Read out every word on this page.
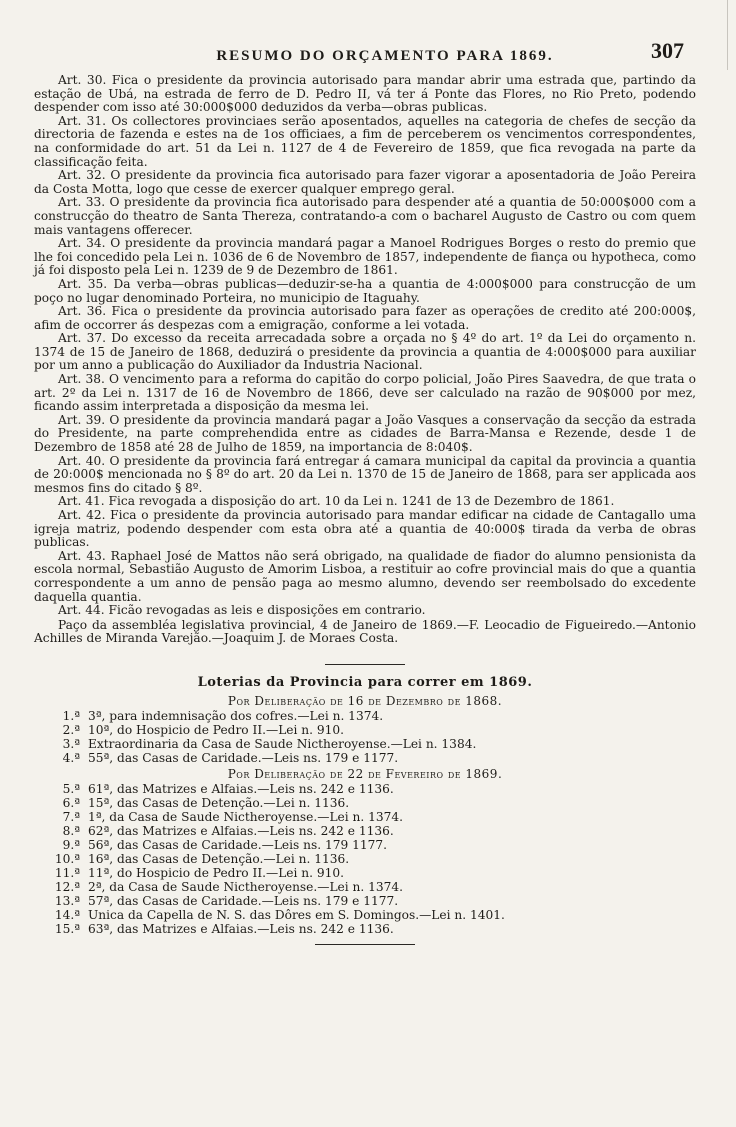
RESUMO DO ORÇAMENTO PARA 1869.	307

Art. 30. Fica o presidente da provincia autorisado para mandar abrir uma estrada que, partindo da estação de Ubá, na estrada de ferro de D. Pedro II, vá ter á Ponte das Flores, no Rio Preto, podendo despender com isso até 30:000$000 deduzidos da verba—obras publicas.

Art. 31. Os collectores provinciaes serão aposentados, aquelles na categoria de chefes de secção da directoria de fazenda e estes na de 1os officiaes, a fim de perceberem os vencimentos correspondentes, na conformidade do art. 51 da Lei n. 1127 de 4 de Fevereiro de 1859, que fica revogada na parte da classificação feita.

Art. 32. O presidente da provincia fica autorisado para fazer vigorar a aposentadoria de João Pereira da Costa Motta, logo que cesse de exercer qualquer emprego geral.

Art. 33. O presidente da provincia fica autorisado para despender até a quantia de 50:000$000 com a construcção do theatro de Santa Thereza, contratando-a com o bacharel Augusto de Castro ou com quem mais vantagens offerecer.

Art. 34. O presidente da provincia mandará pagar a Manoel Rodrigues Borges o resto do premio que lhe foi concedido pela Lei n. 1036 de 6 de Novembro de 1857, independente de fiança ou hypotheca, como já foi disposto pela Lei n. 1239 de 9 de Dezembro de 1861.

Art. 35. Da verba—obras publicas—deduzir-se-ha a quantia de 4:000$000 para construcção de um poço no lugar denominado Porteira, no municipio de Itaguahy.

Art. 36. Fica o presidente da provincia autorisado para fazer as operações de credito até 200:000$, afim de occorrer ás despezas com a emigração, conforme a lei votada.

Art. 37. Do excesso da receita arrecadada sobre a orçada no § 4º do art. 1º da Lei do orçamento n. 1374 de 15 de Janeiro de 1868, deduzirá o presidente da provincia a quantia de 4:000$000 para auxiliar por um anno a publicação do Auxiliador da Industria Nacional.

Art. 38. O vencimento para a reforma do capitão do corpo policial, João Pires Saavedra, de que trata o art. 2º da Lei n. 1317 de 16 de Novembro de 1866, deve ser calculado na razão de 90$000 por mez, ficando assim interpretada a disposição da mesma lei.

Art. 39. O presidente da provincia mandará pagar a João Vasques a conservação da secção da estrada do Presidente, na parte comprehendida entre as cidades de Barra-Mansa e Rezende, desde 1 de Dezembro de 1858 até 28 de Julho de 1859, na importancia de 8:040$.

Art. 40. O presidente da provincia fará entregar á camara municipal da capital da provincia a quantia de 20:000$ mencionada no § 8º do art. 20 da Lei n. 1370 de 15 de Janeiro de 1868, para ser applicada aos mesmos fins do citado § 8º.

Art. 41. Fica revogada a disposição do art. 10 da Lei n. 1241 de 13 de Dezembro de 1861.

Art. 42. Fica o presidente da provincia autorisado para mandar edificar na cidade de Cantagallo uma igreja matriz, podendo despender com esta obra até a quantia de 40:000$ tirada da verba de obras publicas.

Art. 43. Raphael José de Mattos não será obrigado, na qualidade de fiador do alumno pensionista da escola normal, Sebastião Augusto de Amorim Lisboa, a restituir ao cofre provincial mais do que a quantia correspondente a um anno de pensão paga ao mesmo alumno, devendo ser reembolsado do excedente daquella quantia.

Art. 44. Ficão revogadas as leis e disposições em contrario.

Paço da assembléa legislativa provincial, 4 de Janeiro de 1869.—F. Leocadio de Figueiredo.—Antonio Achilles de Miranda Varejão.—Joaquim J. de Moraes Costa.

Loterias da Provincia para correr em 1869.
Por Deliberação de 16 de Dezembro de 1868.
1.ª 3ª, para indemnisação dos cofres.—Lei n. 1374.
2.ª 10ª, do Hospicio de Pedro II.—Lei n. 910.
3.ª Extraordinaria da Casa de Saude Nictheroyense.—Lei n. 1384.
4.ª 55ª, das Casas de Caridade.—Leis ns. 179 e 1177.
Por Deliberação de 22 de Fevereiro de 1869.
5.ª 61ª, das Matrizes e Alfaias.—Leis ns. 242 e 1136.
6.ª 15ª, das Casas de Detenção.—Lei n. 1136.
7.ª 1ª, da Casa de Saude Nictheroyense.—Lei n. 1374.
8.ª 62ª, das Matrizes e Alfaias.—Leis ns. 242 e 1136.
9.ª 56ª, das Casas de Caridade.—Leis ns. 179 1177.
10.ª 16ª, das Casas de Detenção.—Lei n. 1136.
11.ª 11ª, do Hospicio de Pedro II.—Lei n. 910.
12.ª 2ª, da Casa de Saude Nictheroyense.—Lei n. 1374.
13.ª 57ª, das Casas de Caridade.—Leis ns. 179 e 1177.
14.ª Unica da Capella de N. S. das Dôres em S. Domingos.—Lei n. 1401.
15.ª 63ª, das Matrizes e Alfaias.—Leis ns. 242 e 1136.
